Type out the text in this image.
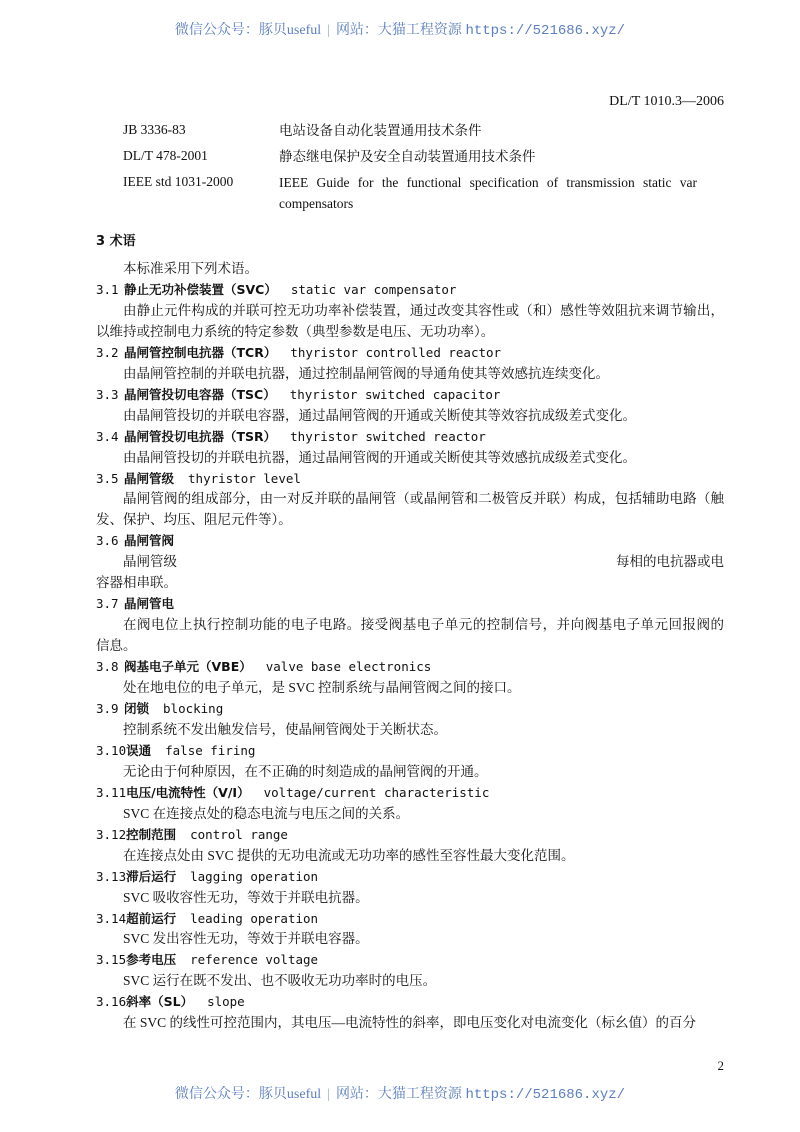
微信公众号：豚贝useful | 网站：大猫工程资源 https://521686.xyz/
DL/T 1010.3—2006
JB 3336-83	电站设备自动化装置通用技术条件
DL/T 478-2001	静态继电保护及安全自动装置通用技术条件
IEEE std 1031-2000	IEEE Guide for the functional specification of transmission static var
compensators
3 术语
本标准采用下列术语。
3.1 静止无功补偿装置（SVC） static var compensator
由静止元件构成的并联可控无功功率补偿装置，通过改变其容性或（和）感性等效阻抗来调节输出，
以维持或控制电力系统的特定参数（典型参数是电压、无功功率）。
3.2 晶闸管控制电抗器（TCR） thyristor controlled reactor
由晶闸管控制的并联电抗器，通过控制晶闸管阀的导通角使其等效感抗连续变化。
3.3 晶闸管投切电容器（TSC） thyristor switched capacitor
由晶闸管投切的并联电容器，通过晶闸管阀的开通或关断使其等效容抗成级差式变化。
3.4 晶闸管投切电抗器（TSR） thyristor switched reactor
由晶闸管投切的并联电抗器，通过晶闸管阀的开通或关断使其等效感抗成级差式变化。
3.5 晶闸管级 thyristor level
晶闸管阀的组成部分，由一对反并联的晶闸管（或晶闸管和二极管反并联）构成，包括辅助电路（触
发、保护、均压、阻尼元件等）。
3.6 晶闸管阀
晶闸管级	每相的电抗器或电
容器相串联。
3.7 晶闸管电
在阀电位上执行控制功能的电子电路。接受阀基电子单元的控制信号，并向阀基电子单元回报阀的
信息。
3.8 阀基电子单元（VBE） valve base electronics
处在地电位的电子单元，是 SVC 控制系统与晶闸管阀之间的接口。
3.9 闭锁 blocking
控制系统不发出触发信号，使晶闸管阀处于关断状态。
3.10误通 false firing
无论由于何种原因，在不正确的时刻造成的晶闸管阀的开通。
3.11电压/电流特性（V/I） voltage/current characteristic
SVC 在连接点处的稳态电流与电压之间的关系。
3.12控制范围 control range
在连接点处由 SVC 提供的无功电流或无功功率的感性至容性最大变化范围。
3.13滞后运行 lagging operation
SVC 吸收容性无功，等效于并联电抗器。
3.14超前运行 leading operation
SVC 发出容性无功，等效于并联电容器。
3.15参考电压 reference voltage
SVC 运行在既不发出、也不吸收无功功率时的电压。
3.16斜率（SL） slope
在 SVC 的线性可控范围内，其电压—电流特性的斜率，即电压变化对电流变化（标幺值）的百分
2
微信公众号：豚贝useful | 网站：大猫工程资源 https://521686.xyz/
